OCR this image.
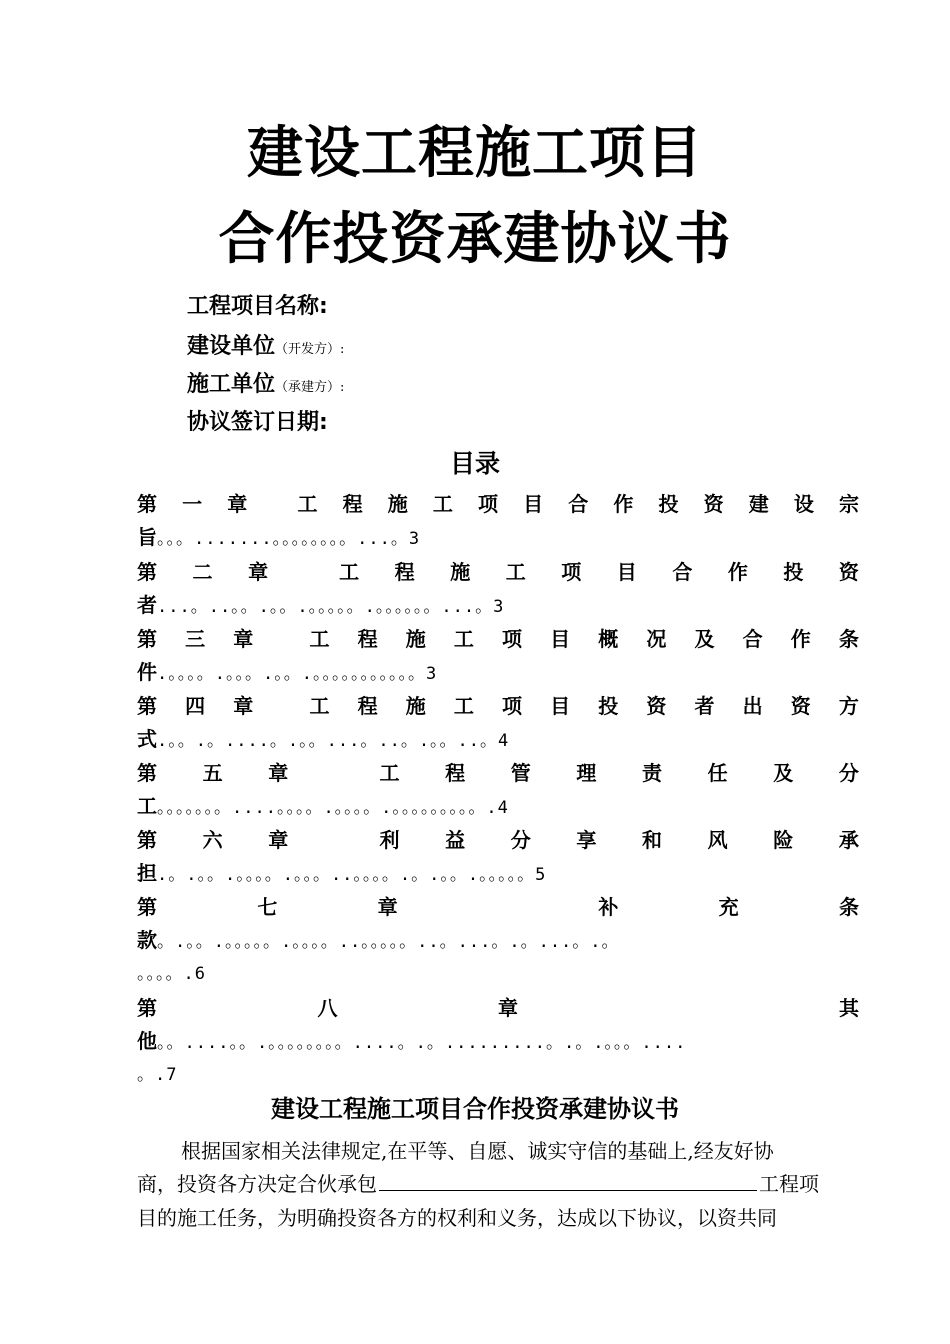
建设工程施工项目
合作投资承建协议书
工程项目名称:
建设单位（开发方）:
施工单位（承建方）:
协议签订日期:
目录
第 一 章	工 程 施 工 项 目 合 作 投 资 建 设 宗
旨。。。.......。。。。。。。。...。3
第 二 章	工 程 施 工 项 目 合 作 投 资
者...。..。。.。。.。。。。。.。。。。。。...。3
第 三 章	工 程 施 工 项 目 概 况 及 合 作 条
件.。。。。.。。。.。。.。。。。。。。。。。。3
第 四 章	工 程 施 工 项 目 投 资 者 出 资 方
式.。。.。....。.。。...。..。.。。..。4
第 五 章	工 程 管 理 责 任 及 分
工。。。。。。。....。。。。.。。。。.。。。。。。。。。.4
第 六 章	利 益 分 享 和 风 险 承
担.。.。。.。。。。.。。。..。。。。.。.。。.。。。。。5
第	七	章	补	充	条
款。.。。.。。。。。.。。。。..。。。。。..。...。.。...。.。
。。。。.6
第	八	章	其
他。。....。。.。。。。。。。。....。.。.........。.。.。。。....
。.7
建设工程施工项目合作投资承建协议书
根据国家相关法律规定,在平等、自愿、诚实守信的基础上,经友好协
商，投资各方决定合伙承包	工程项
目的施工任务，为明确投资各方的权利和义务，达成以下协议，以资共同
